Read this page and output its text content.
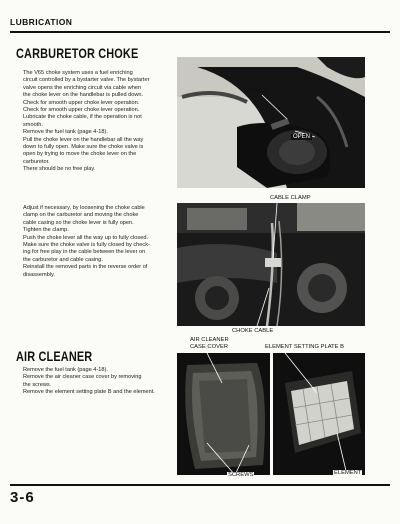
LUBRICATION
CARBURETOR CHOKE

The V65 choke system uses a fuel enriching

circuit controlled by a bystarter valve. The bystarter

valve opens the enriching circuit via cable when

the choke lever on the handlebar is pulled down.

Check for smooth upper choke lever operation.

Check for smooth upper choke lever operation.

Lubricate the choke cable, if the operation is not

smooth.

Remove the fuel tank (page 4-18).

Pull the choke lever on the handlebar all the way

down to fully open. Make sure the choke valve is

open by trying to move the choke lever on the

carburetor.

There should be no free play.

CLOSE
OPEN

Adjust if necessary, by loosening the choke cable

clamp on the carburetor and moving the choke

cable casing so the choke lever is fully open.

Tighten the clamp.

Push the choke lever all the way up to fully closed.

Make sure the choke valve is fully closed by check-

ing for free play in the cable between the lever on

the carburetor and cable casing.

Reinstall the removed parts in the reverse order of

disassembly.

CABLE CLAMP
CHOKE CABLE
AIR CLEANER

Remove the fuel tank (page 4-18).

Remove the air cleaner case cover by removing

the screws.

Remove the element setting plate B and the element.

AIR CLEANER
CASE COVER	ELEMENT SETTING PLATE B
SCREWS	ELEMENT
3-6
